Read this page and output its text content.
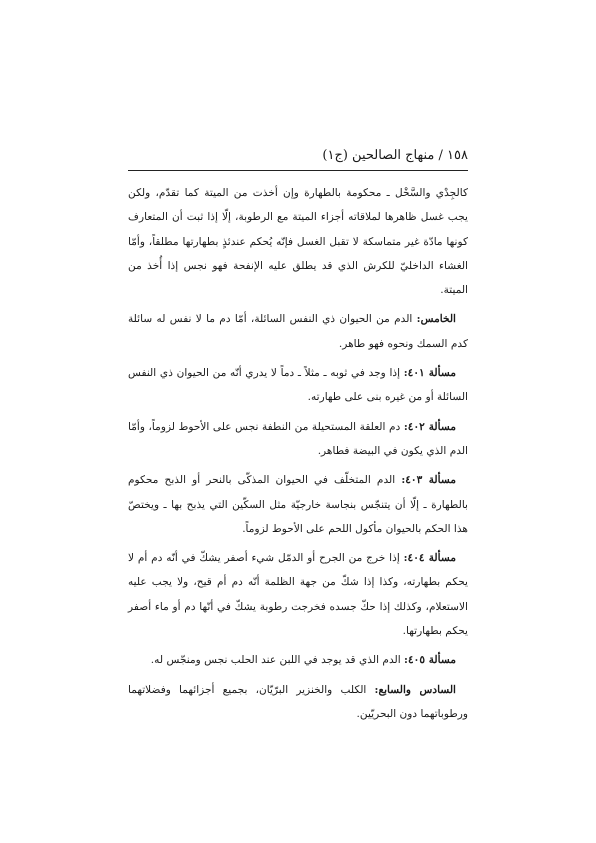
١٥٨ / منهاج الصالحين (ج١)

كالجِدْي والسَّخْل ـ محكومة بالطهارة وإن أخذت من الميتة كما تقدّم، ولكن يجب غسل ظاهرها لملاقاته أجزاء الميتة مع الرطوبة، إلّا إذا ثبت أن المتعارف كونها مادّة غير متماسكة لا تقبل الغسل فإنّه يُحكم عندئذٍ بطهارتها مطلقاً، وأمّا الغشاء الداخليّ للكرش الذي قد يطلق عليه الإنفحة فهو نجس إذا أُخذ من الميتة.

الخامس: الدم من الحيوان ذي النفس السائلة، أمّا دم ما لا نفس له سائلة كدم السمك ونحوه فهو طاهر.

مسألة ٤٠١: إذا وجد في ثوبه ـ مثلاً ـ دماً لا يدري أنّه من الحيوان ذي النفس السائلة أو من غيره بنى على طهارته.

مسألة ٤٠٢: دم العلقة المستحيلة من النطفة نجس على الأحوط لزوماً، وأمّا الدم الذي يكون في البيضة فطاهر.

مسألة ٤٠٣: الدم المتخلّف في الحيوان المذكّى بالنحر أو الذبح محكوم بالطهارة ـ إلّا أن يتنجّس بنجاسة خارجيّة مثل السكّين التي يذبح بها ـ ويختصّ هذا الحكم بالحيوان مأكول اللحم على الأحوط لزوماً.

مسألة ٤٠٤: إذا خرج من الجرح أو الدمّل شيء أصفر يشكّ في أنّه دم أم لا يحكم بطهارته، وكذا إذا شكّ من جهة الظلمة أنّه دم أم قيح، ولا يجب عليه الاستعلام، وكذلك إذا حكّ جسده فخرجت رطوبة يشكّ في أنّها دم أو ماء أصفر يحكم بطهارتها.

مسألة ٤٠٥: الدم الذي قد يوجد في اللبن عند الحلب نجس ومنجّس له.

السادس والسابع: الكلب والخنزير البرّيّان، بجميع أجزائهما وفضلاتهما ورطوباتهما دون البحريّين.
